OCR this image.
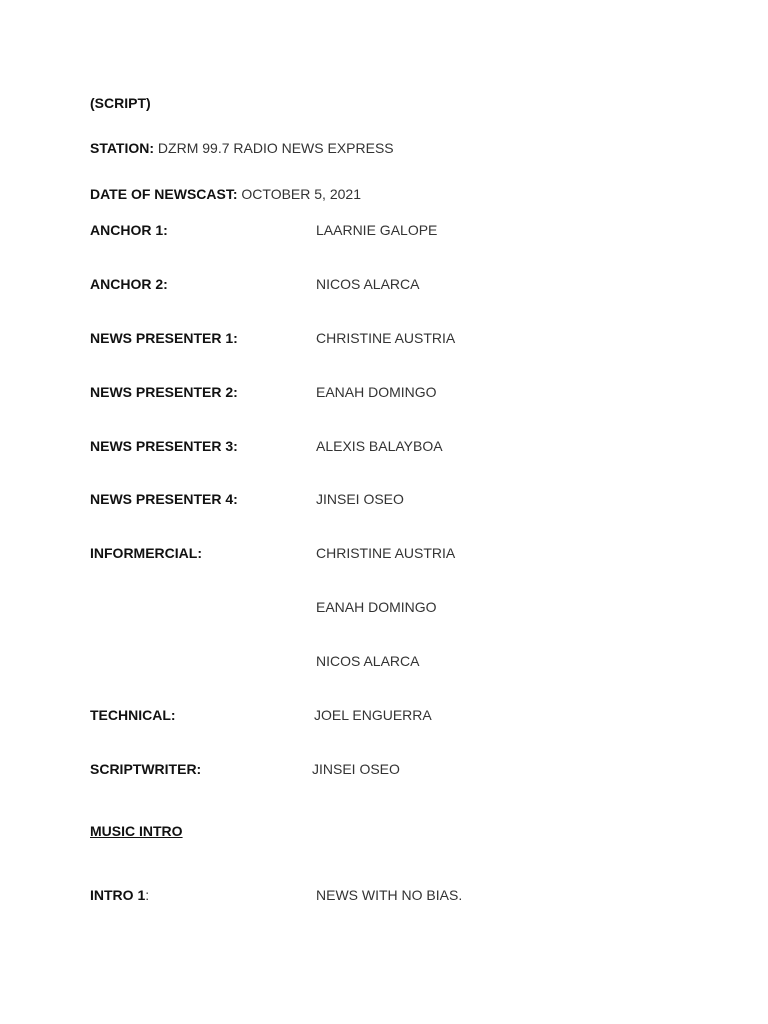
(SCRIPT)
STATION: DZRM 99.7 RADIO NEWS EXPRESS
DATE OF NEWSCAST: OCTOBER 5, 2021
ANCHOR 1:	LAARNIE GALOPE
ANCHOR 2:	NICOS ALARCA
NEWS PRESENTER 1:	CHRISTINE AUSTRIA
NEWS PRESENTER 2:	EANAH DOMINGO
NEWS PRESENTER 3:	ALEXIS BALAYBOA
NEWS PRESENTER 4:	JINSEI OSEO
INFORMERCIAL:	CHRISTINE AUSTRIA
EANAH DOMINGO
NICOS ALARCA
TECHNICAL:	JOEL ENGUERRA
SCRIPTWRITER:	JINSEI OSEO
MUSIC INTRO
INTRO 1:	NEWS WITH NO BIAS.
